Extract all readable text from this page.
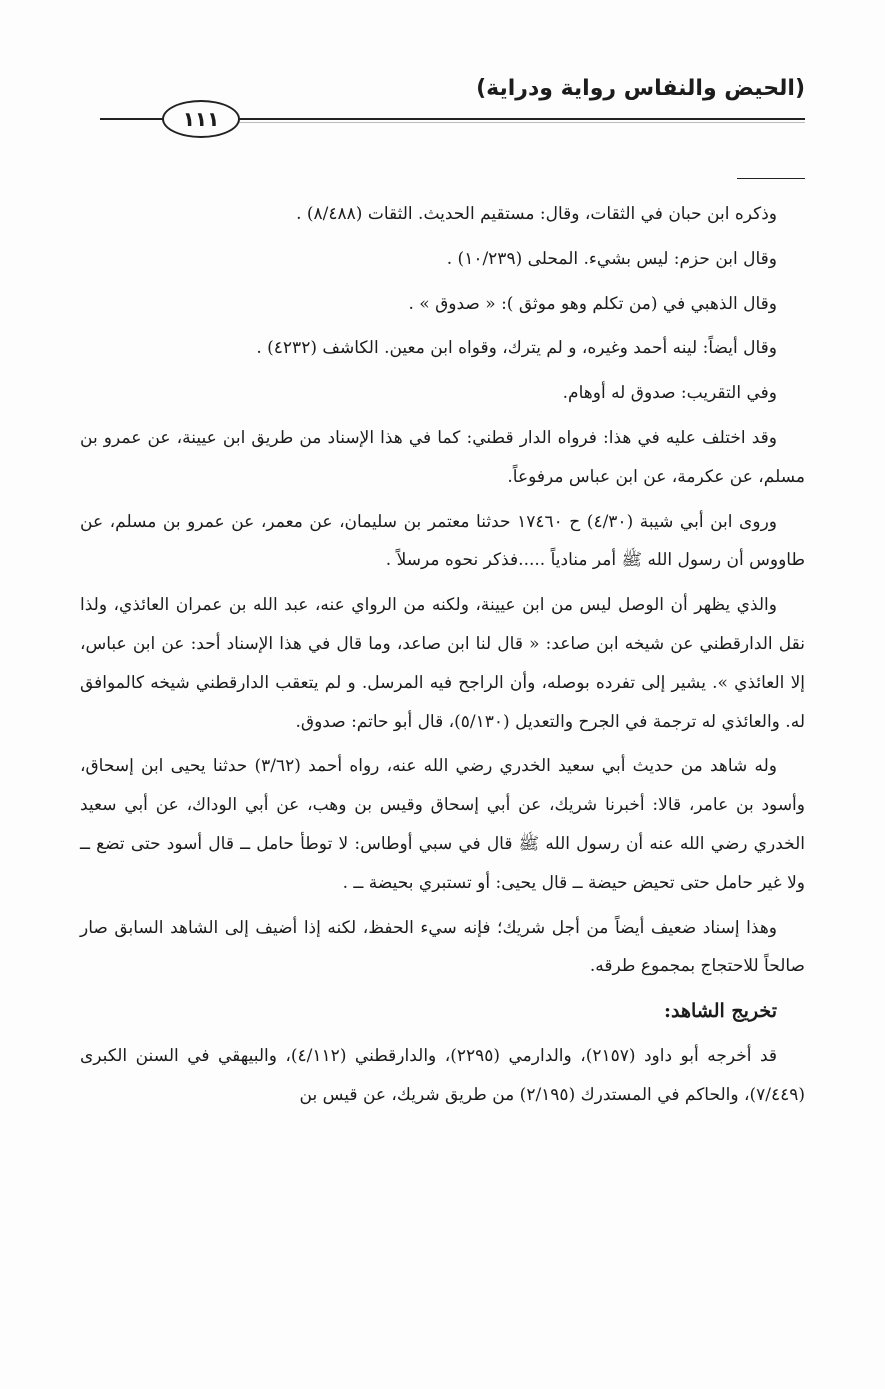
(الحيض والنفاس رواية ودراية)
١١١

وذكره ابن حبان في الثقات، وقال: مستقيم الحديث. الثقات (٨/٤٨٨) .

وقال ابن حزم: ليس بشيء. المحلى (١٠/٢٣٩) .

وقال الذهبي في (من تكلم وهو موثق ): « صدوق » .

وقال أيضاً: لينه أحمد وغيره، و لم يترك، وقواه ابن معين. الكاشف (٤٢٣٢) .

وفي التقريب: صدوق له أوهام.

وقد اختلف عليه في هذا: فرواه الدار قطني: كما في هذا الإسناد من طريق ابن عيينة، عن عمرو بن مسلم، عن عكرمة، عن ابن عباس مرفوعاً.

وروى ابن أبي شيبة (٤/٣٠) ح ١٧٤٦٠ حدثنا معتمر بن سليمان، عن معمر، عن عمرو بن مسلم، عن طاووس أن رسول الله ﷺ أمر منادياً .....فذكر نحوه مرسلاً .

والذي يظهر أن الوصل ليس من ابن عيينة، ولكنه من الرواي عنه، عبد الله بن عمران العائذي، ولذا نقل الدارقطني عن شيخه ابن صاعد: « قال لنا ابن صاعد، وما قال في هذا الإسناد أحد: عن ابن عباس، إلا العائذي ». يشير إلى تفرده بوصله، وأن الراجح فيه المرسل. و لم يتعقب الدارقطني شيخه كالموافق له. والعائذي له ترجمة في الجرح والتعديل (٥/١٣٠)، قال أبو حاتم: صدوق.

وله شاهد من حديث أبي سعيد الخدري رضي الله عنه، رواه أحمد (٣/٦٢) حدثنا يحيى ابن إسحاق، وأسود بن عامر، قالا: أخبرنا شريك، عن أبي إسحاق وقيس بن وهب، عن أبي الوداك، عن أبي سعيد الخدري رضي الله عنه أن رسول الله ﷺ قال في سبي أوطاس: لا توطأ حامل ــ قال أسود حتى تضع ــ ولا غير حامل حتى تحيض حيضة ــ قال يحيى: أو تستبري بحيضة ــ .

وهذا إسناد ضعيف أيضاً من أجل شريك؛ فإنه سيء الحفظ، لكنه إذا أضيف إلى الشاهد السابق صار صالحاً للاحتجاج بمجموع طرقه.

تخريج الشاهد:

قد أخرجه أبو داود (٢١٥٧)، والدارمي (٢٢٩٥)، والدارقطني (٤/١١٢)، والبيهقي في السنن الكبرى (٧/٤٤٩)، والحاكم في المستدرك (٢/١٩٥) من طريق شريك، عن قيس بن
